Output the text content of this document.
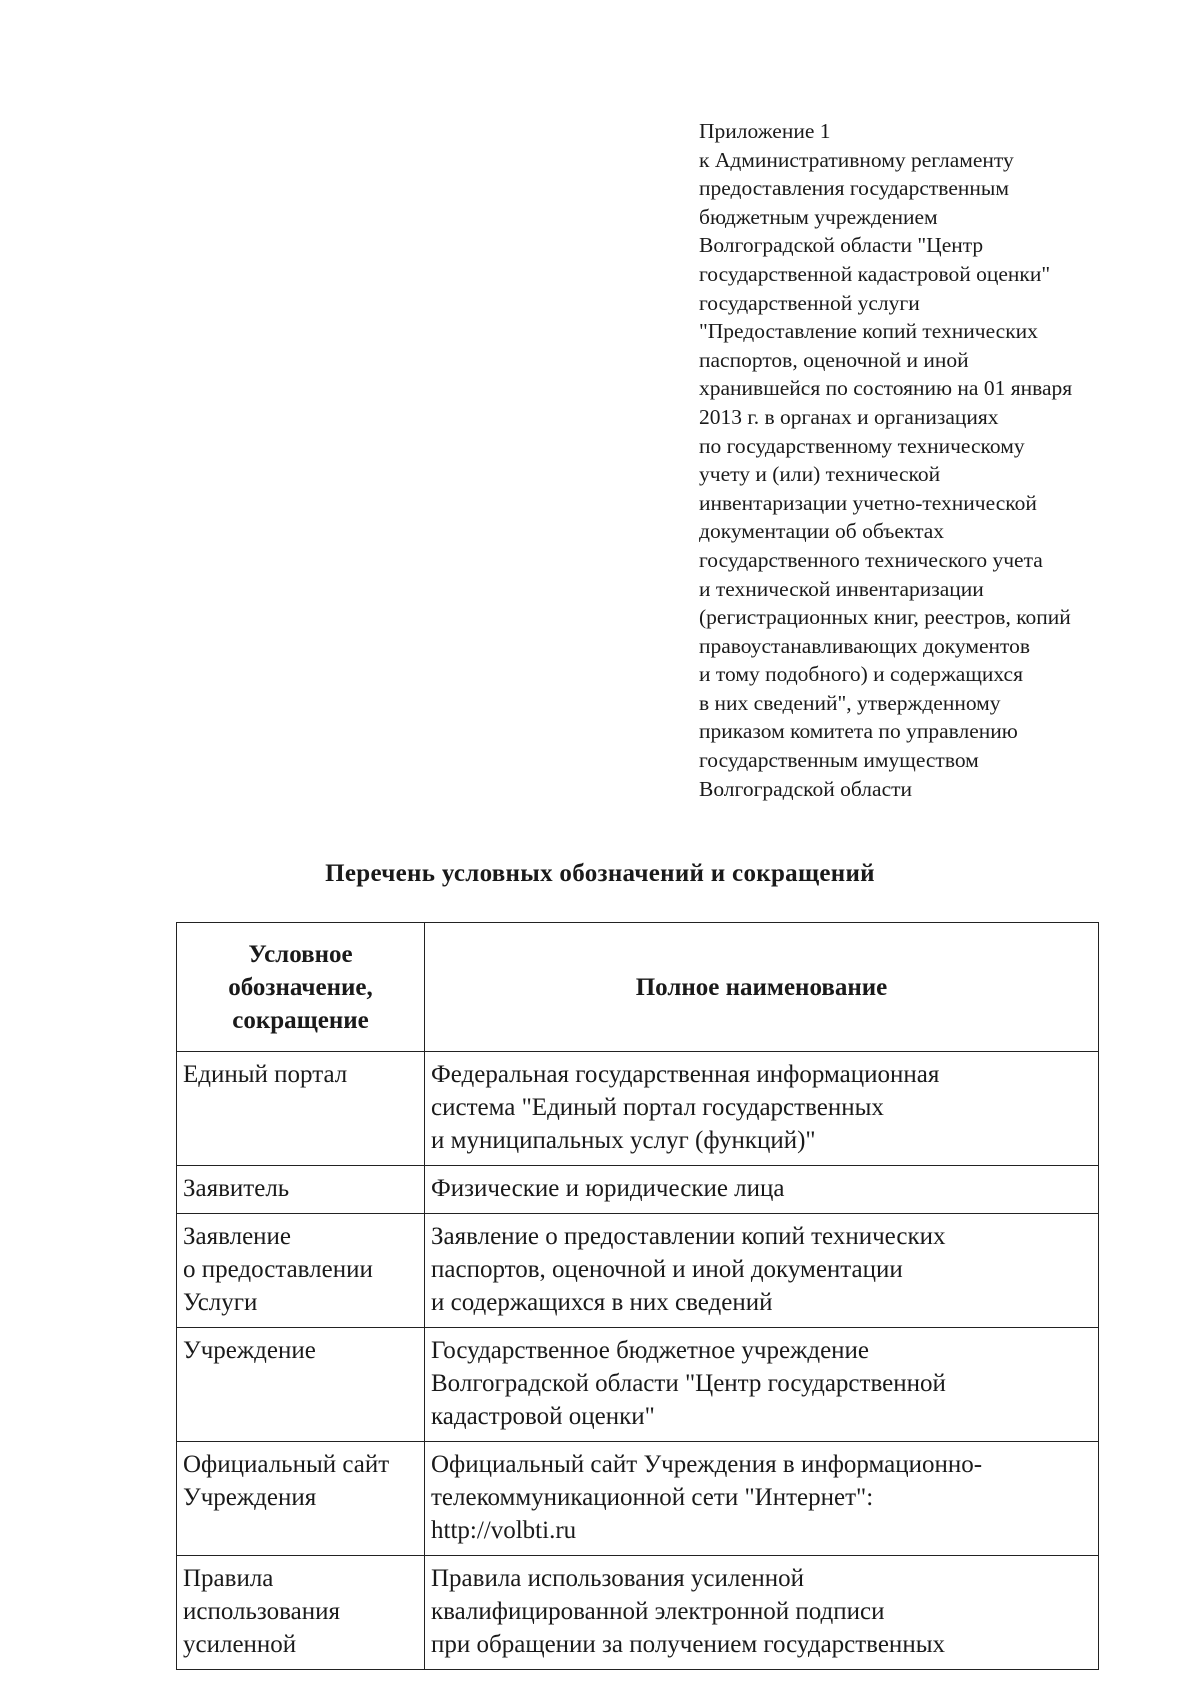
Приложение 1
к Административному регламенту
предоставления государственным
бюджетным учреждением
Волгоградской области "Центр
государственной кадастровой оценки"
государственной услуги
"Предоставление копий технических
паспортов, оценочной и иной
хранившейся по состоянию на 01 января
2013 г. в органах и организациях
по государственному техническому
учету и (или) технической
инвентаризации учетно-технической
документации об объектах
государственного технического учета
и технической инвентаризации
(регистрационных книг, реестров, копий
правоустанавливающих документов
и тому подобного) и содержащихся
в них сведений", утвержденному
приказом комитета по управлению
государственным имуществом
Волгоградской области
Перечень условных обозначений и сокращений
Условное
обозначение,
сокращение	Полное наименование

Единый портал	Федеральная государственная информационная
система "Единый портал государственных
и муниципальных услуг (функций)"

Заявитель	Физические и юридические лица

Заявление
о предоставлении
Услуги	Заявление о предоставлении копий технических
паспортов, оценочной и иной документации
и содержащихся в них сведений

Учреждение	Государственное бюджетное учреждение
Волгоградской области "Центр государственной
кадастровой оценки"

Официальный сайт
Учреждения	Официальный сайт Учреждения в информационно-
телекоммуникационной сети "Интернет":
http://volbti.ru

Правила
использования
усиленной	Правила использования усиленной
квалифицированной электронной подписи
при обращении за получением государственных
